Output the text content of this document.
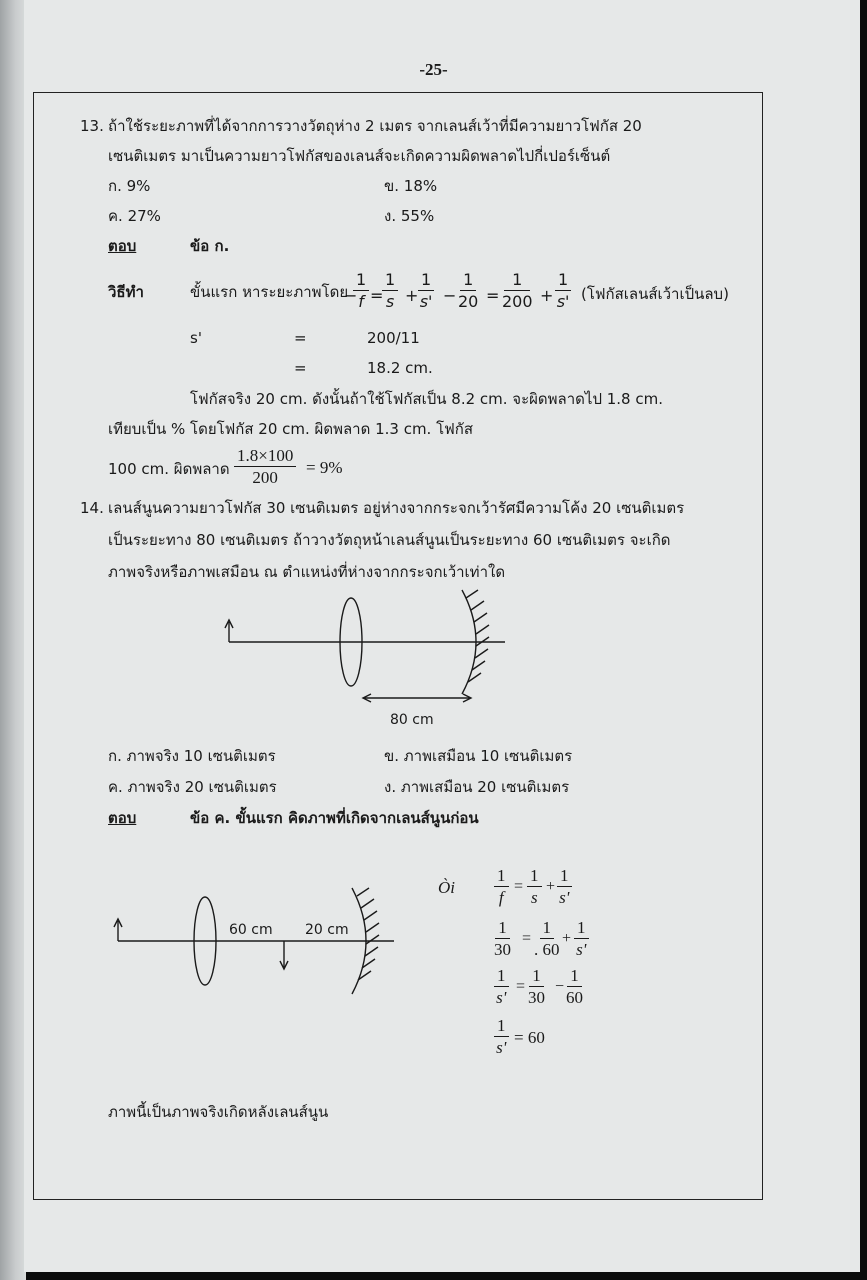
-25-
13. ถ้าใช้ระยะภาพที่ได้จากการวางวัตถุห่าง 2 เมตร จากเลนส์เว้าที่มีความยาวโฟกัส 20
เซนติเมตร มาเป็นความยาวโฟกัสของเลนส์จะเกิดความผิดพลาดไปกี่เปอร์เซ็นต์
ก. 9%	ข. 18%
ค. 27%	ง. 55%
ตอบ	ข้อ ก.
วิธีทำ	ขั้นแรก หาระยะภาพโดย
−
$\frac{1}{f}$ =
$\frac{1}{s} + \frac{1}{s'} - \frac{1}{20} = \frac{1}{200} + \frac{1}{s'}$ (โฟกัสเลนส์เว้าเป็นลบ)
s'	=	200/11
=	18.2 cm.
โฟกัสจริง 20 cm. ดังนั้นถ้าใช้โฟกัสเป็น 8.2 cm. จะผิดพลาดไป 1.8 cm.
เทียบเป็น % โดยโฟกัส 20 cm. ผิดพลาด 1.3 cm. โฟกัส
100 cm. ผิดพลาด $\frac{1.8\times 100}{200} = 9\%$
14. เลนส์นูนความยาวโฟกัส 30 เซนติเมตร อยู่ห่างจากกระจกเว้ารัศมีความโค้ง 20 เซนติเมตร
เป็นระยะทาง 80 เซนติเมตร ถ้าวางวัตถุหน้าเลนส์นูนเป็นระยะทาง 60 เซนติเมตร จะเกิด
ภาพจริงหรือภาพเสมือน ณ ตำแหน่งที่ห่างจากกระจกเว้าเท่าใด
80 cm
ก. ภาพจริง 10 เซนติเมตร	ข. ภาพเสมือน 10 เซนติเมตร
ค. ภาพจริง 20 เซนติเมตร	ง. ภาพเสมือน 20 เซนติเมตร
ตอบ	ข้อ ค. ขั้นแรก คิดภาพที่เกิดจากเลนส์นูนก่อน
60 cm 20 cm
Òi $\frac{1}{f} = \frac{1}{s} + \frac{1}{s'}$
$\frac{1}{30} = \frac{1}{. 60} + \frac{1}{s'}$
$\frac{1}{s'} = \frac{1}{30} - \frac{1}{60}$
$\frac{1}{s'} = 60$
ภาพนี้เป็นภาพจริงเกิดหลังเลนส์นูน
